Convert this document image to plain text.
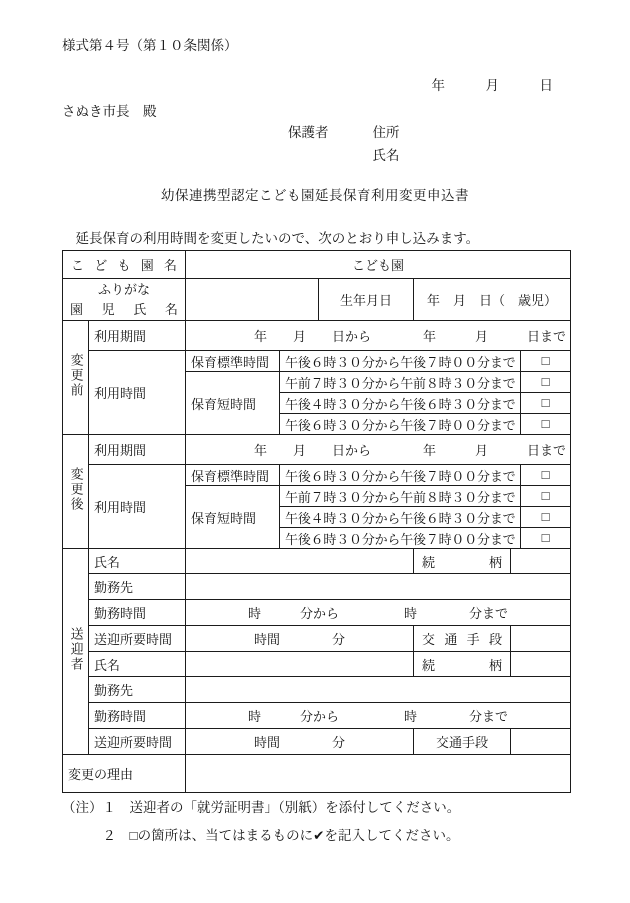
様式第４号（第１０条関係）
年　　　月　　　日
さぬき市長　殿
保護者	住所
氏名
幼保連携型認定こども園延長保育利用変更申込書
　延長保育の利用時間を変更したいので、次のとおり申し込みます。
こども園名		こども園					

ふりがな
園児氏名				生年月日	年　月　日（　歳児）		
変更前	利用期間	年　　月　　日から　　　　年　　　月　　　日まで					
	利用時間	保育標準時間	午後６時３０分から午後７時００分まで				□
		保育短時間	午前７時３０分から午前８時３０分まで				□
			午後４時３０分から午後６時３０分まで				□
			午後６時３０分から午後７時００分まで				□
変更後	利用期間	年　　月　　日から　　　　年　　　月　　　日まで					
	利用時間	保育標準時間	午後６時３０分から午後７時００分まで				□
		保育短時間	午前７時３０分から午前８時３０分まで				□
			午後４時３０分から午後６時３０分まで				□
			午後６時３０分から午後７時００分まで				□
送迎者	氏名				続柄		

	勤務先						
	勤務時間	時　　　分から　　　　　時　　　　分まで					
	送迎所要時間	時間　　　　分			交通手段		

	氏名				続柄		

	勤務先						
	勤務時間	時　　　分から　　　　　時　　　　分まで					
	送迎所要時間	時間　　　　分			交通手段		
変更の理由							
（注）１　送迎者の「就労証明書」（別紙）を添付してください。
　　　２　□の箇所は、当てはまるものに✔を記入してください。
